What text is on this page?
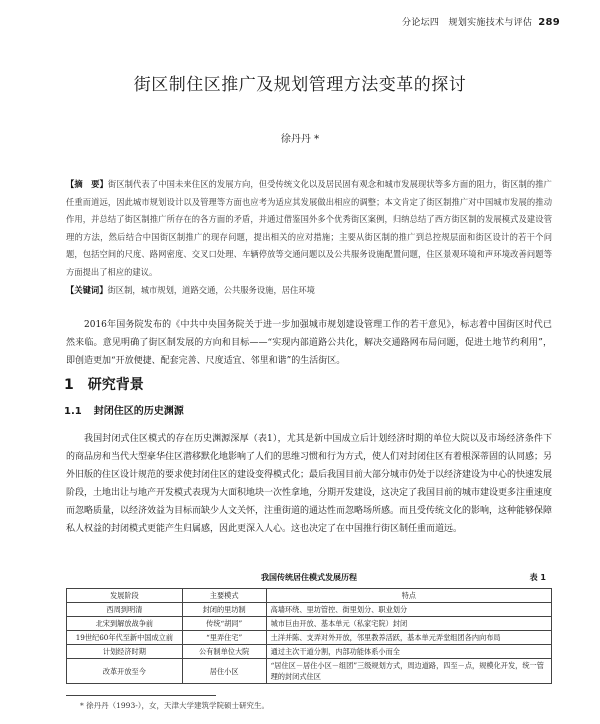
分论坛四　规划实施技术与评估 289
街区制住区推广及规划管理方法变革的探讨
徐丹丹 *
【摘　要】街区制代表了中国未来住区的发展方向，但受传统文化以及居民固有观念和城市发展现状等多方面的阻力，街区制的推广任重而道远，因此城市规划设计以及管理等方面也应考为适应其发展做出相应的调整；本文肯定了街区制推广对中国城市发展的推动作用，并总结了街区制推广所存在的各方面的矛盾，并通过借鉴国外多个优秀街区案例，归纳总结了西方街区制的发展模式及建设管理的方法，然后结合中国街区制推广的现存问题，提出相关的应对措施；主要从街区制的推广到总控规层面和街区设计的若干个问题，包括空间的尺度、路网密度、交叉口处理、车辆停放等交通问题以及公共服务设施配置问题，住区景观环境和声环境改善问题等方面提出了相应的建议。
【关键词】街区制，城市规划，道路交通，公共服务设施，居住环境
2016年国务院发布的《中共中央国务院关于进一步加强城市规划建设管理工作的若干意见》，标志着中国街区时代已然来临。意见明确了街区制发展的方向和目标——“实现内部道路公共化，解决交通路网布局问题，促进土地节约利用”，即创造更加“开放便捷、配套完善、尺度适宜、邻里和谐”的生活街区。
1 研究背景
1.1 封闭住区的历史渊源
我国封闭式住区模式的存在历史渊源深厚（表1），尤其是新中国成立后计划经济时期的单位大院以及市场经济条件下的商品房和当代大型豪华住区潜移默化地影响了人们的思维习惯和行为方式，使人们对封闭住区有着根深蒂固的认同感；另外旧版的住区设计规范的要求使封闭住区的建设变得模式化；最后我国目前大部分城市仍处于以经济建设为中心的快速发展阶段，土地出让与地产开发模式表现为大面积地块一次性拿地，分期开发建设，这决定了我国目前的城市建设更多注重速度而忽略质量，以经济效益为目标而缺少人文关怀，注重街道的通达性而忽略场所感。而且受传统文化的影响，这种能够保障私人权益的封闭模式更能产生归属感，因此更深入人心。这也决定了在中国推行街区制任重而道远。
我国传统居住模式发展历程	表 1
发展阶段	主要模式	特点
西周到明清	封闭的里坊制	高墙环绕、里坊管控、街里划分、职业划分
北宋到解放战争前	传统“胡同”	城市巨由开放、基本单元（私家宅院）封闭
19世纪60年代至新中国成立前	“里弄住宅”	土洋并陈、支弄对外开放，邻里教养活跃，基本单元弄堂组团各内向布局
计划经济时期	公有制单位大院	通过主次干道分割，内部功能体系小而全
改革开放至今	居住小区	“居住区－居住小区－组团”三级规划方式，周边道路，四至－点，规模化开发，统一管理的封闭式住区
* 徐丹丹（1993-），女，天津大学建筑学院硕士研究生。
